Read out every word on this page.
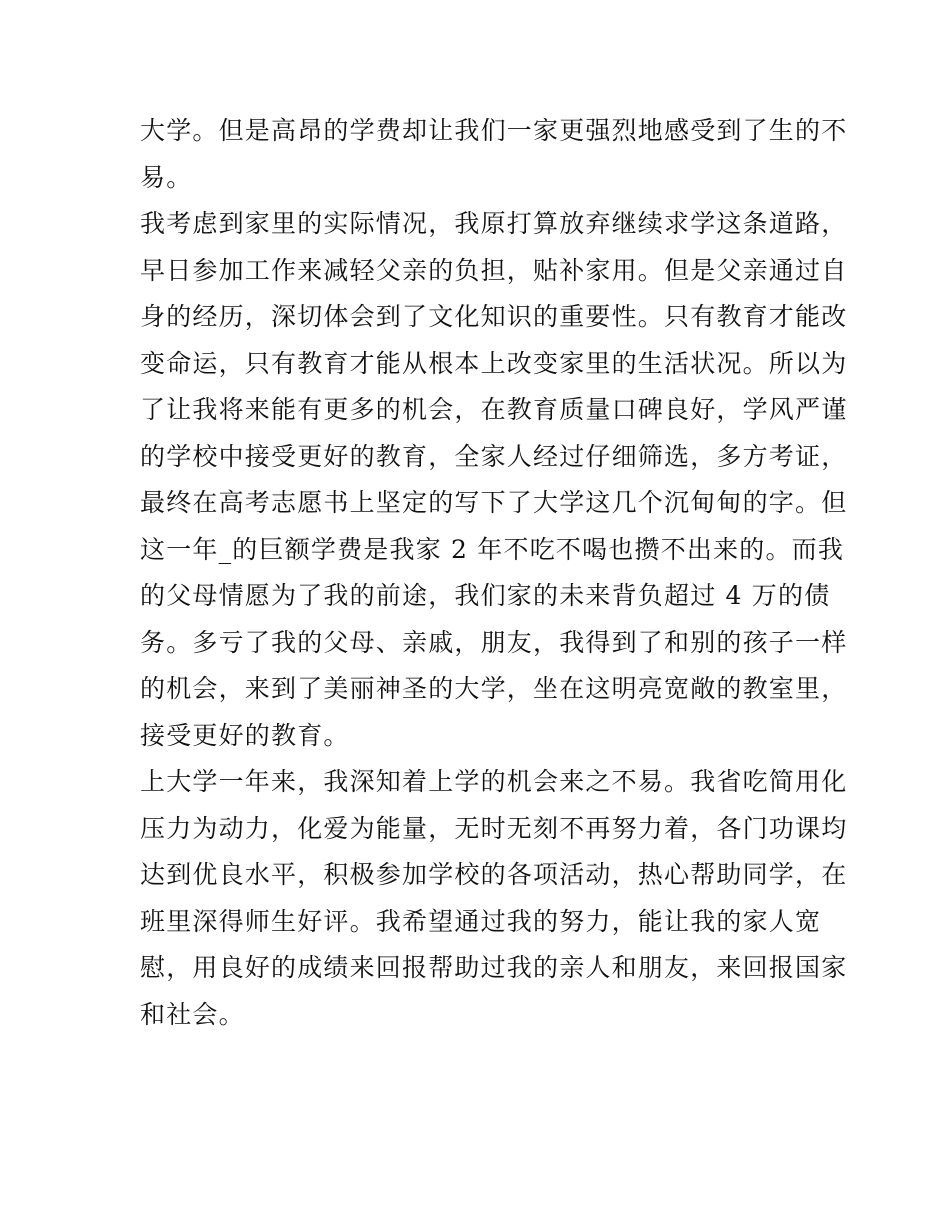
大学。但是高昂的学费却让我们一家更强烈地感受到了生的不
易。
我考虑到家里的实际情况，我原打算放弃继续求学这条道路，
早日参加工作来减轻父亲的负担，贴补家用。但是父亲通过自
身的经历，深切体会到了文化知识的重要性。只有教育才能改
变命运，只有教育才能从根本上改变家里的生活状况。所以为
了让我将来能有更多的机会，在教育质量口碑良好，学风严谨
的学校中接受更好的教育，全家人经过仔细筛选，多方考证，
最终在高考志愿书上坚定的写下了大学这几个沉甸甸的字。但
这一年_的巨额学费是我家 2 年不吃不喝也攒不出来的。而我
的父母情愿为了我的前途，我们家的未来背负超过 4 万的债
务。多亏了我的父母、亲戚，朋友，我得到了和别的孩子一样
的机会，来到了美丽神圣的大学，坐在这明亮宽敞的教室里，
接受更好的教育。
上大学一年来，我深知着上学的机会来之不易。我省吃简用化
压力为动力，化爱为能量，无时无刻不再努力着，各门功课均
达到优良水平，积极参加学校的各项活动，热心帮助同学，在
班里深得师生好评。我希望通过我的努力，能让我的家人宽
慰，用良好的成绩来回报帮助过我的亲人和朋友，来回报国家
和社会。
